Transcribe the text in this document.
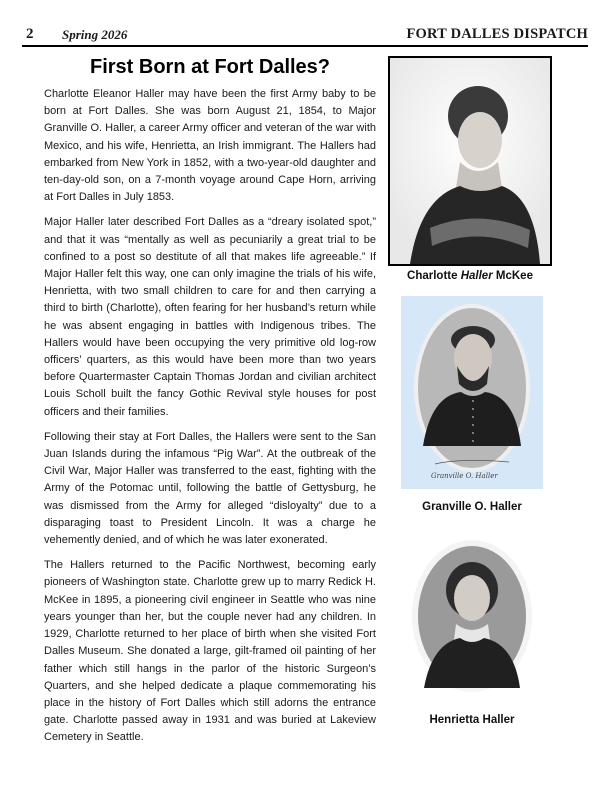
2 Spring 2026	FORT DALLES DISPATCH
First Born at Fort Dalles?

Charlotte Eleanor Haller may have been the first Army baby to be born at Fort Dalles. She was born August 21, 1854, to Major Granville O. Haller, a career Army officer and veteran of the war with Mexico, and his wife, Henrietta, an Irish immigrant. The Hallers had embarked from New York in 1852, with a two-year-old daughter and ten-day-old son, on a 7-month voyage around Cape Horn, arriving at Fort Dalles in July 1853.

Major Haller later described Fort Dalles as a “dreary isolated spot,” and that it was “mentally as well as pecuniarily a great trial to be confined to a post so destitute of all that makes life agreeable.” If Major Haller felt this way, one can only imagine the trials of his wife, Henrietta, with two small children to care for and then carrying a third to birth (Charlotte), often fearing for her husband’s return while he was absent engaging in battles with Indigenous tribes. The Hallers would have been occupying the very primitive old log-row officers’ quarters, as this would have been more than two years before Quartermaster Captain Thomas Jordan and civilian architect Louis Scholl built the fancy Gothic Revival style houses for post officers and their families.

Following their stay at Fort Dalles, the Hallers were sent to the San Juan Islands during the infamous “Pig War”. At the outbreak of the Civil War, Major Haller was transferred to the east, fighting with the Army of the Potomac until, following the battle of Gettysburg, he was dismissed from the Army for alleged “disloyalty” due to a disparaging toast to President Lincoln. It was a charge he vehemently denied, and of which he was later exonerated.

The Hallers returned to the Pacific Northwest, becoming early pioneers of Washington state. Charlotte grew up to marry Redick H. McKee in 1895, a pioneering civil engineer in Seattle who was nine years younger than her, but the couple never had any children. In 1929, Charlotte returned to her place of birth when she visited Fort Dalles Museum. She donated a large, gilt-framed oil painting of her father which still hangs in the parlor of the historic Surgeon’s Quarters, and she helped dedicate a plaque commemorating his place in the history of Fort Dalles which still adorns the entrance gate. Charlotte passed away in 1931 and was buried at Lakeview Cemetery in Seattle.

Charlotte Haller McKee
Granville O. Haller
Granville O. Haller
Henrietta Haller
